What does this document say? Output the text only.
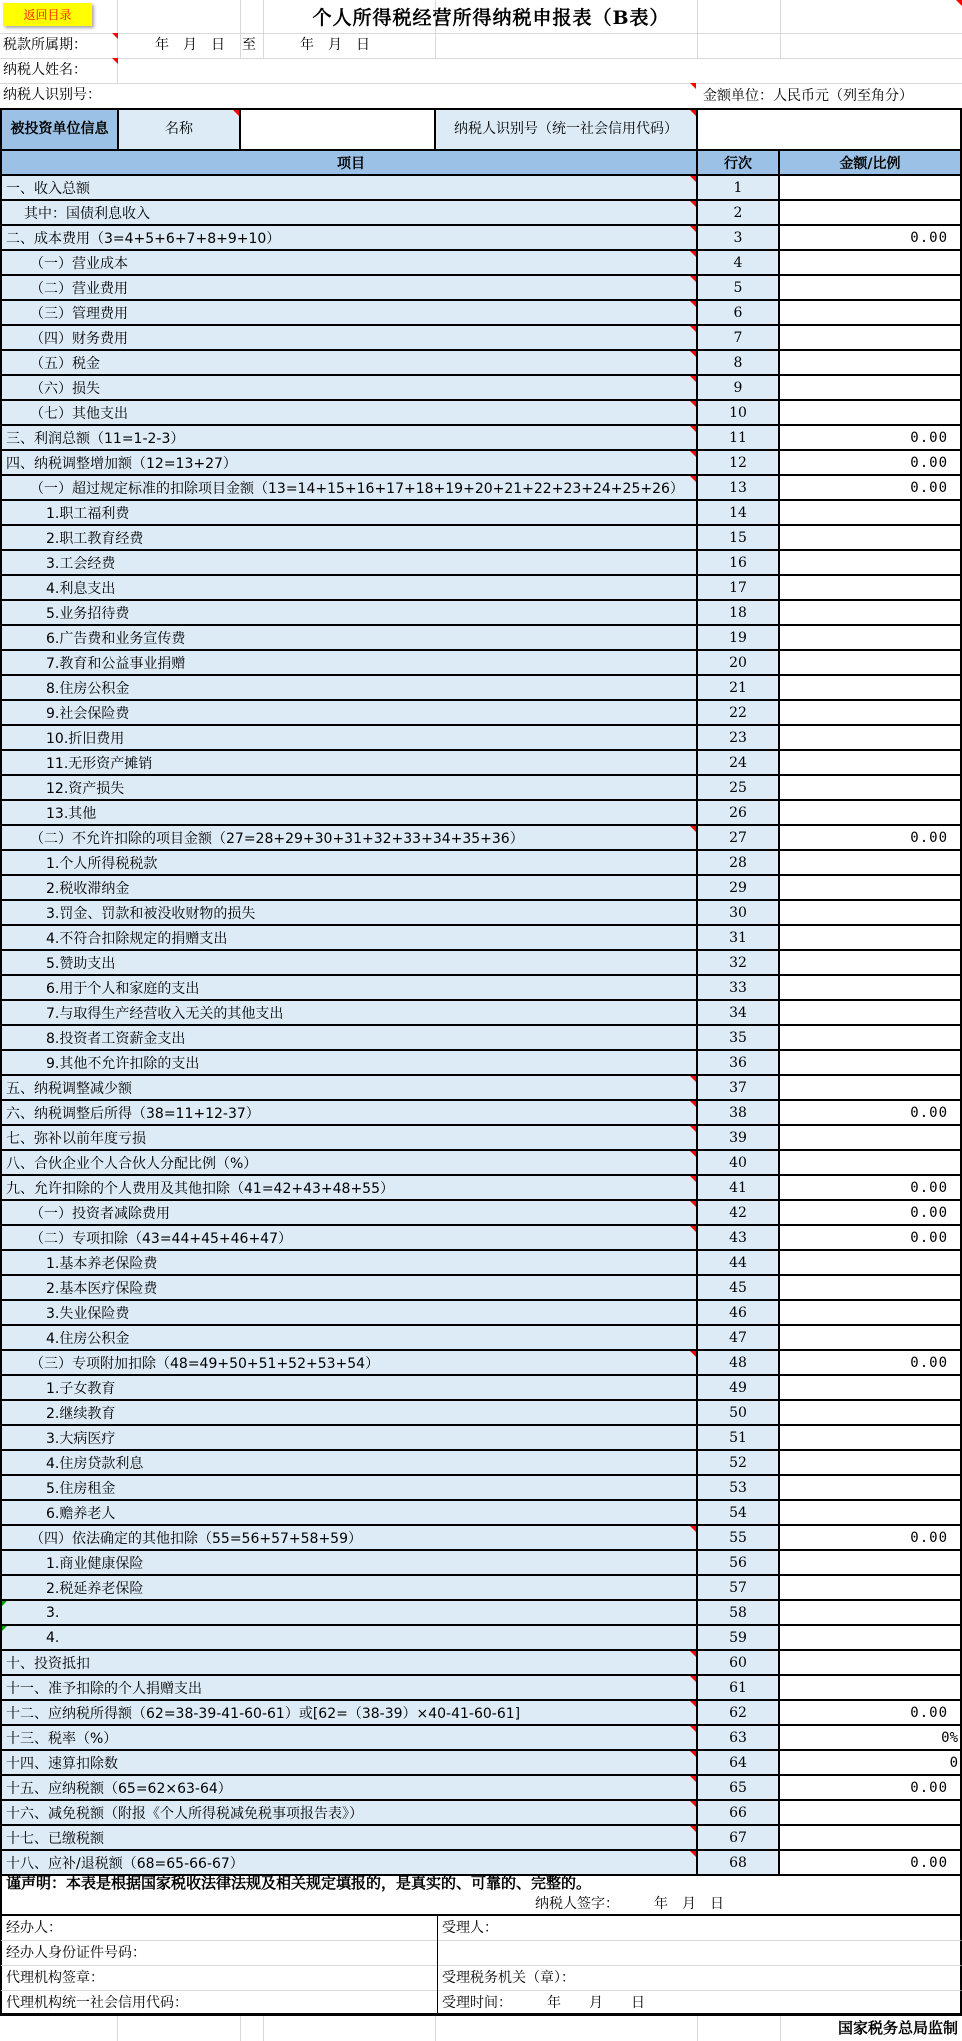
个人所得税经营所得纳税申报表（B表）
返回目录
税款所属期：	年　月　日 至	年　月　日
纳税人姓名：
纳税人识别号：	金额单位：人民币元（列至角分）
被投资单位信息	名称	纳税人识别号（统一社会信用代码）
项目	行次	金额/比例
一、收入总额	1
其中：国债利息收入	2
二、成本费用（3=4+5+6+7+8+9+10）	3	0.00
（一）营业成本	4
（二）营业费用	5
（三）管理费用	6
（四）财务费用	7
（五）税金	8
（六）损失	9
（七）其他支出	10
三、利润总额（11=1-2-3）	11	0.00
四、纳税调整增加额（12=13+27）	12	0.00
（一）超过规定标准的扣除项目金额（13=14+15+16+17+18+19+20+21+22+23+24+25+26）	13	0.00
1.职工福利费	14
2.职工教育经费	15
3.工会经费	16
4.利息支出	17
5.业务招待费	18
6.广告费和业务宣传费	19
7.教育和公益事业捐赠	20
8.住房公积金	21
9.社会保险费	22
10.折旧费用	23
11.无形资产摊销	24
12.资产损失	25
13.其他	26
（二）不允许扣除的项目金额（27=28+29+30+31+32+33+34+35+36）	27	0.00
1.个人所得税税款	28
2.税收滞纳金	29
3.罚金、罚款和被没收财物的损失	30
4.不符合扣除规定的捐赠支出	31
5.赞助支出	32
6.用于个人和家庭的支出	33
7.与取得生产经营收入无关的其他支出	34
8.投资者工资薪金支出	35
9.其他不允许扣除的支出	36
五、纳税调整减少额	37
六、纳税调整后所得（38=11+12-37）	38	0.00
七、弥补以前年度亏损	39
八、合伙企业个人合伙人分配比例（%）	40
九、允许扣除的个人费用及其他扣除（41=42+43+48+55）	41	0.00
（一）投资者减除费用	42	0.00
（二）专项扣除（43=44+45+46+47）	43	0.00
1.基本养老保险费	44
2.基本医疗保险费	45
3.失业保险费	46
4.住房公积金	47
（三）专项附加扣除（48=49+50+51+52+53+54）	48	0.00
1.子女教育	49
2.继续教育	50
3.大病医疗	51
4.住房贷款利息	52
5.住房租金	53
6.赡养老人	54
（四）依法确定的其他扣除（55=56+57+58+59）	55	0.00
1.商业健康保险	56
2.税延养老保险	57
3.	58
4.	59
十、投资抵扣	60
十一、准予扣除的个人捐赠支出	61
十二、应纳税所得额（62=38-39-41-60-61）或[62=（38-39）×40-41-60-61]	62	0.00
十三、税率（%）	63	0%
十四、速算扣除数	64	0
十五、应纳税额（65=62×63-64）	65	0.00
十六、减免税额（附报《个人所得税减免税事项报告表》）	66
十七、已缴税额	67
十八、应补/退税额（68=65-66-67）	68	0.00
谨声明：本表是根据国家税收法律法规及相关规定填报的，是真实的、可靠的、完整的。
纳税人签字：　　　年　月　日
经办人：	受理人：
经办人身份证件号码：
代理机构签章：	受理税务机关（章）：
代理机构统一社会信用代码：	受理时间：　　　年　　月　　日
国家税务总局监制
